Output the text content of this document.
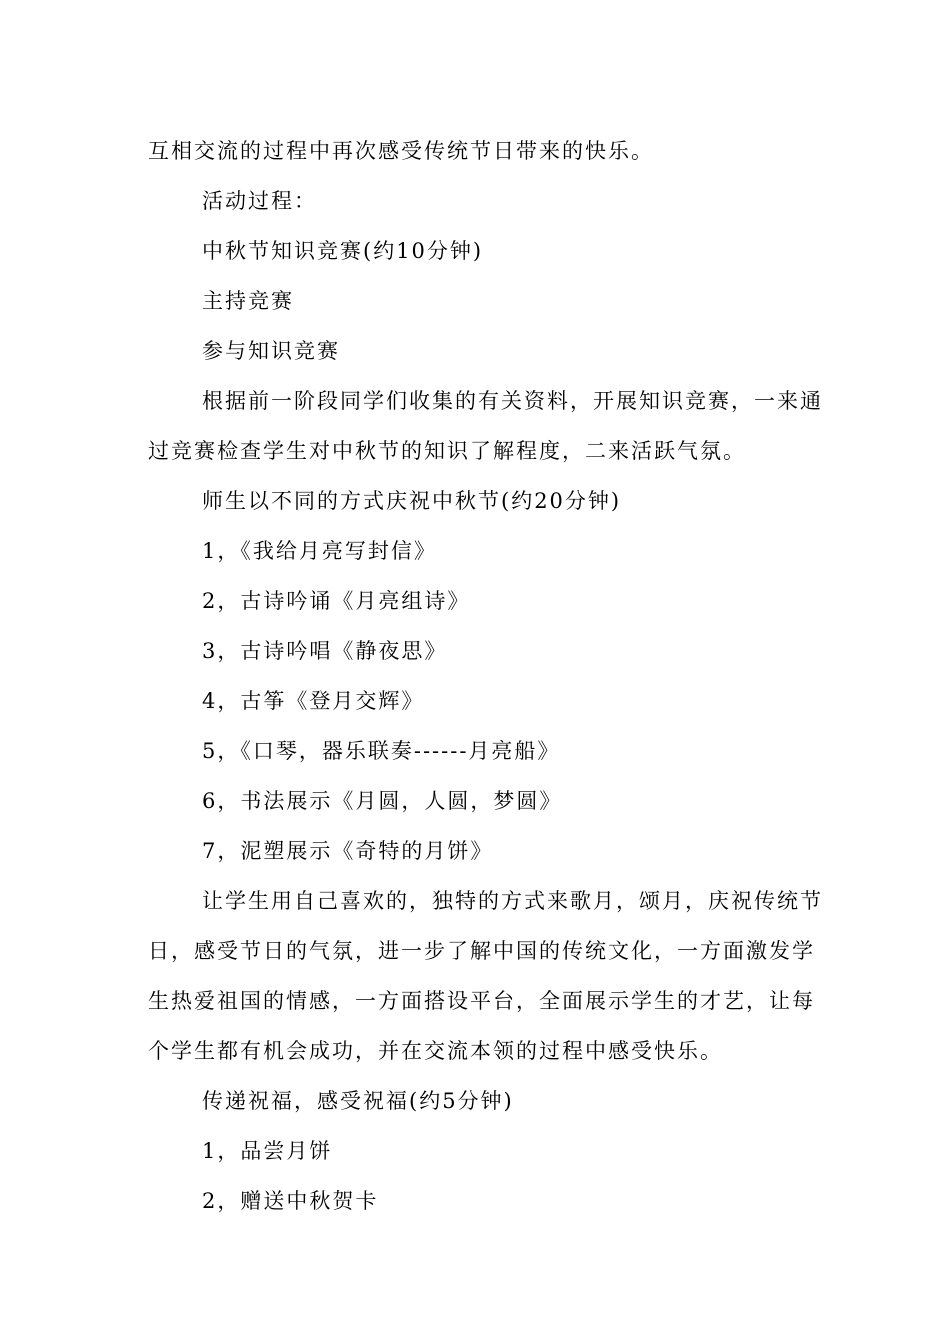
互相交流的过程中再次感受传统节日带来的快乐。
活动过程：
中秋节知识竞赛(约10分钟)
主持竞赛
参与知识竞赛
根据前一阶段同学们收集的有关资料，开展知识竞赛，一来通
过竞赛检查学生对中秋节的知识了解程度，二来活跃气氛。
师生以不同的方式庆祝中秋节(约20分钟)
1，《我给月亮写封信》
2，古诗吟诵《月亮组诗》
3，古诗吟唱《静夜思》
4，古筝《登月交辉》
5，《口琴，器乐联奏------月亮船》
6，书法展示《月圆，人圆，梦圆》
7，泥塑展示《奇特的月饼》
让学生用自己喜欢的，独特的方式来歌月，颂月，庆祝传统节
日，感受节日的气氛，进一步了解中国的传统文化，一方面激发学
生热爱祖国的情感，一方面搭设平台，全面展示学生的才艺，让每
个学生都有机会成功，并在交流本领的过程中感受快乐。
传递祝福，感受祝福(约5分钟)
1，品尝月饼
2，赠送中秋贺卡
